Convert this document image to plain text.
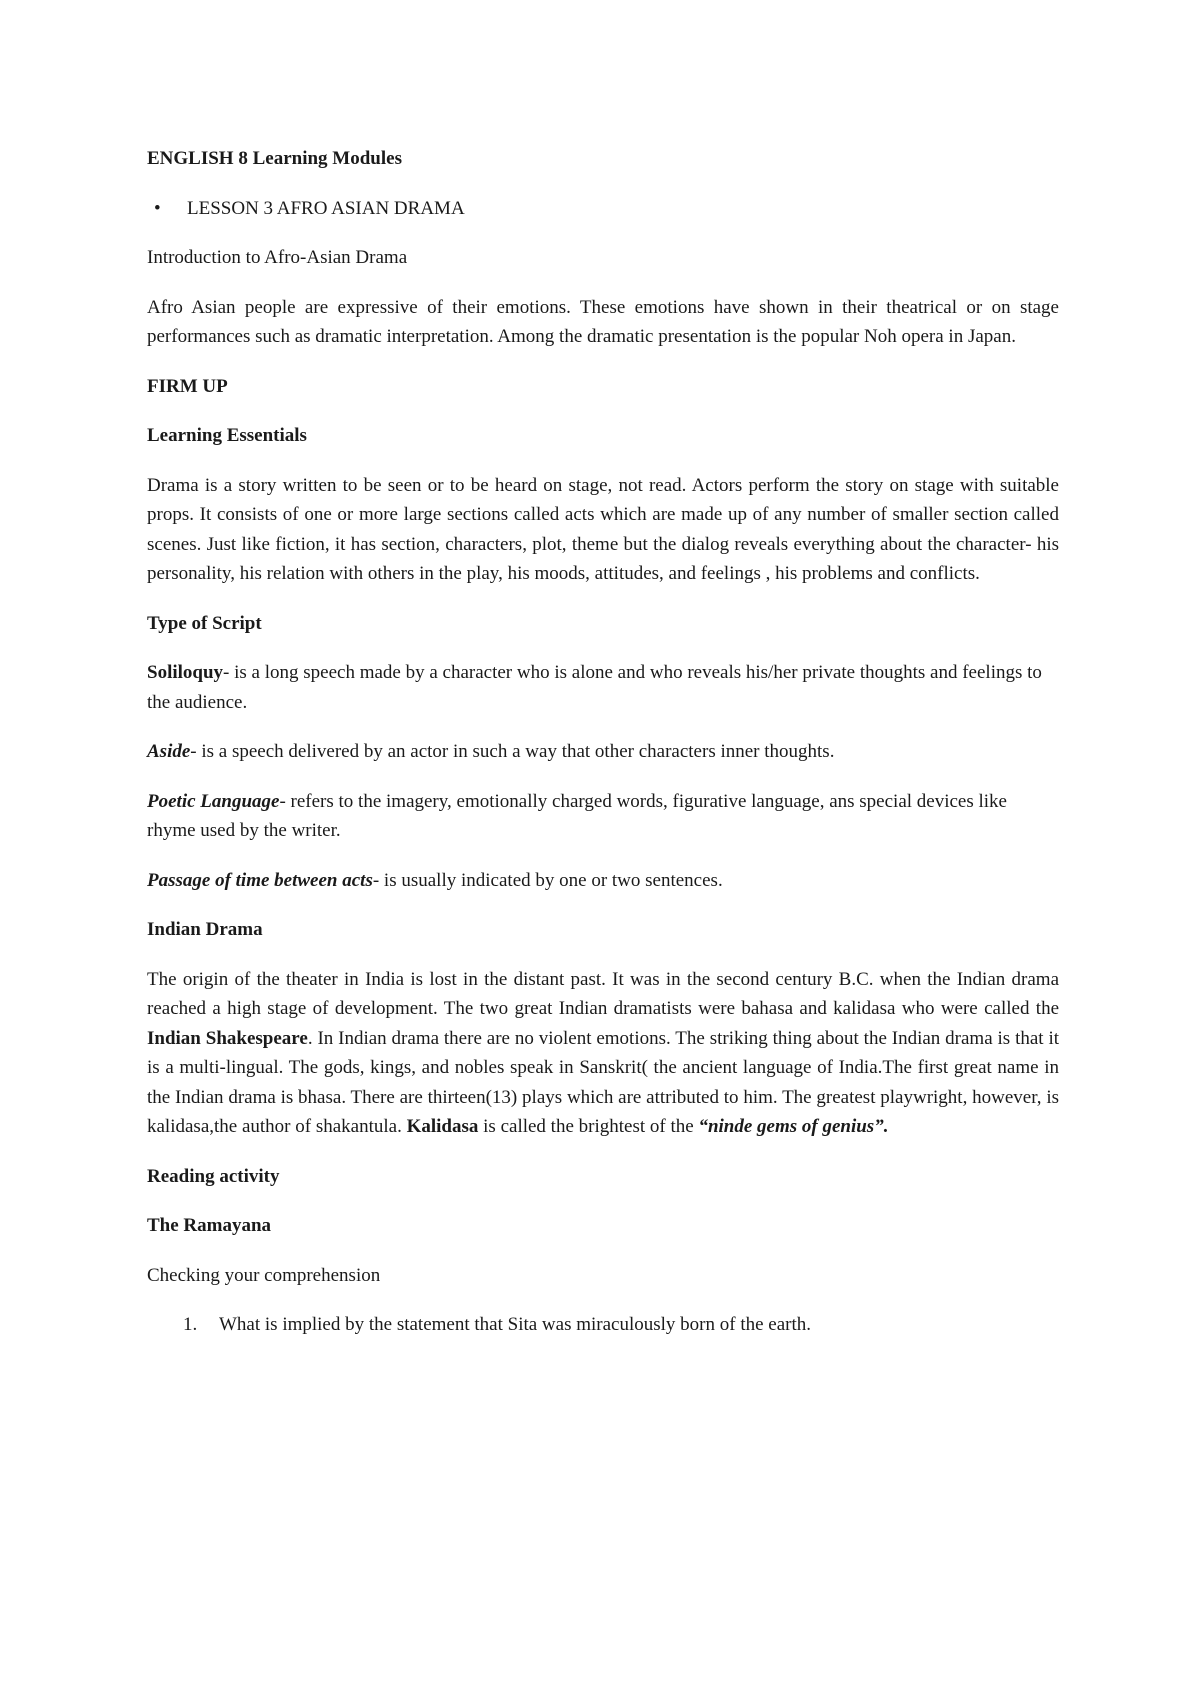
ENGLISH 8 Learning Modules

•	LESSON 3 AFRO ASIAN DRAMA

Introduction to Afro-Asian Drama

Afro Asian people are expressive of their emotions. These emotions have shown in their theatrical or on stage performances such as dramatic interpretation. Among the dramatic presentation is the popular Noh opera in Japan.

FIRM UP

Learning Essentials

Drama is a story written to be seen or to be heard on stage, not read. Actors perform the story on stage with suitable props. It consists of one or more large sections called acts which are made up of any number of smaller section called scenes. Just like fiction, it has section, characters, plot, theme but the dialog reveals everything about the character- his personality, his relation with others in the play, his moods, attitudes, and feelings , his problems and conflicts.

Type of Script

Soliloquy- is a long speech made by a character who is alone and who reveals his/her private thoughts and feelings to the audience.

Aside- is a speech delivered by an actor in such a way that other characters inner thoughts.

Poetic Language- refers to the imagery, emotionally charged words, figurative language, ans special devices like rhyme used by the writer.

Passage of time between acts- is usually indicated by one or two sentences.

Indian Drama

The origin of the theater in India is lost in the distant past. It was in the second century B.C. when the Indian drama reached a high stage of development. The two great Indian dramatists were bahasa and kalidasa who were called the Indian Shakespeare. In Indian drama there are no violent emotions. The striking thing about the Indian drama is that it is a multi-lingual. The gods, kings, and nobles speak in Sanskrit( the ancient language of India.The first great name in the Indian drama is bhasa. There are thirteen(13) plays which are attributed to him. The greatest playwright, however, is kalidasa,the author of shakantula. Kalidasa is called the brightest of the “ninde gems of genius”.

Reading activity

The Ramayana

Checking your comprehension

1.	What is implied by the statement that Sita was miraculously born of the earth.
